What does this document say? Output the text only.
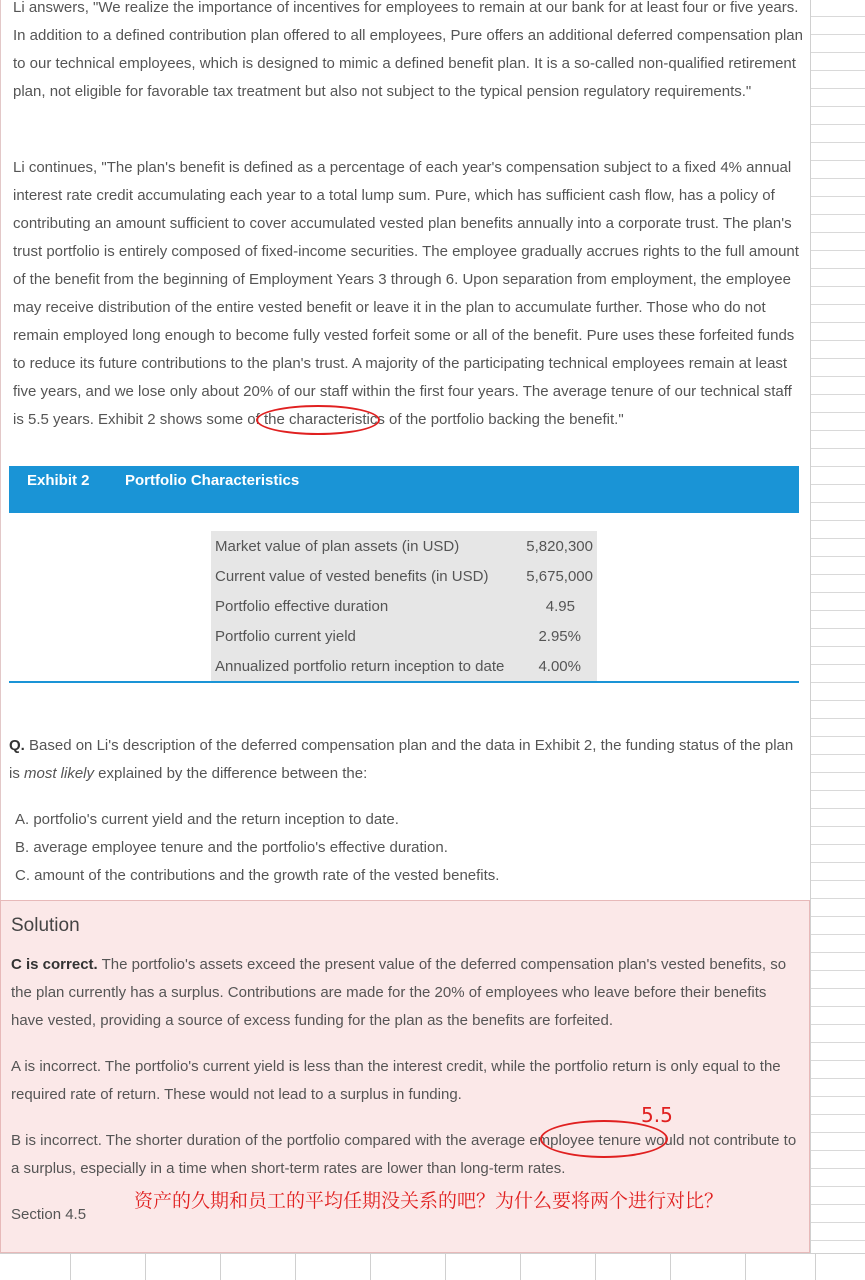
Li answers, "We realize the importance of incentives for employees to remain at our bank for at least four or five years. In addition to a defined contribution plan offered to all employees, Pure offers an additional deferred compensation plan to our technical employees, which is designed to mimic a defined benefit plan. It is a so-called non-qualified retirement plan, not eligible for favorable tax treatment but also not subject to the typical pension regulatory requirements."

Li continues, "The plan's benefit is defined as a percentage of each year's compensation subject to a fixed 4% annual interest rate credit accumulating each year to a total lump sum. Pure, which has sufficient cash flow, has a policy of contributing an amount sufficient to cover accumulated vested plan benefits annually into a corporate trust. The plan's trust portfolio is entirely composed of fixed-income securities. The employee gradually accrues rights to the full amount of the benefit from the beginning of Employment Years 3 through 6. Upon separation from employment, the employee may receive distribution of the entire vested benefit or leave it in the plan to accumulate further. Those who do not remain employed long enough to become fully vested forfeit some or all of the benefit. Pure uses these forfeited funds to reduce its future contributions to the plan's trust. A majority of the participating technical employees remain at least five years, and we lose only about 20% of our staff within the first four years. The average tenure of our technical staff is 5.5 years. Exhibit 2 shows some of the characteristics of the portfolio backing the benefit."

Exhibit 2 Portfolio Characteristics
Market value of plan assets (in USD)	5,820,300
Current value of vested benefits (in USD)	5,675,000
Portfolio effective duration	4.95
Portfolio current yield	2.95%
Annualized portfolio return inception to date 4.00%

Q. Based on Li's description of the deferred compensation plan and the data in Exhibit 2, the funding status of the plan is most likely explained by the difference between the:

A. portfolio's current yield and the return inception to date.
B. average employee tenure and the portfolio's effective duration.
C. amount of the contributions and the growth rate of the vested benefits.
Solution

C is correct. The portfolio's assets exceed the present value of the deferred compensation plan's vested benefits, so the plan currently has a surplus. Contributions are made for the 20% of employees who leave before their benefits have vested, providing a source of excess funding for the plan as the benefits are forfeited.

A is incorrect. The portfolio's current yield is less than the interest credit, while the portfolio return is only equal to the required rate of return. These would not lead to a surplus in funding.

B is incorrect. The shorter duration of the portfolio compared with the average employee tenure would not contribute to a surplus, especially in a time when short-term rates are lower than long-term rates.

Section 4.5
5.5
资产的久期和员工的平均任期没关系的吧？为什么要将两个进行对比？
